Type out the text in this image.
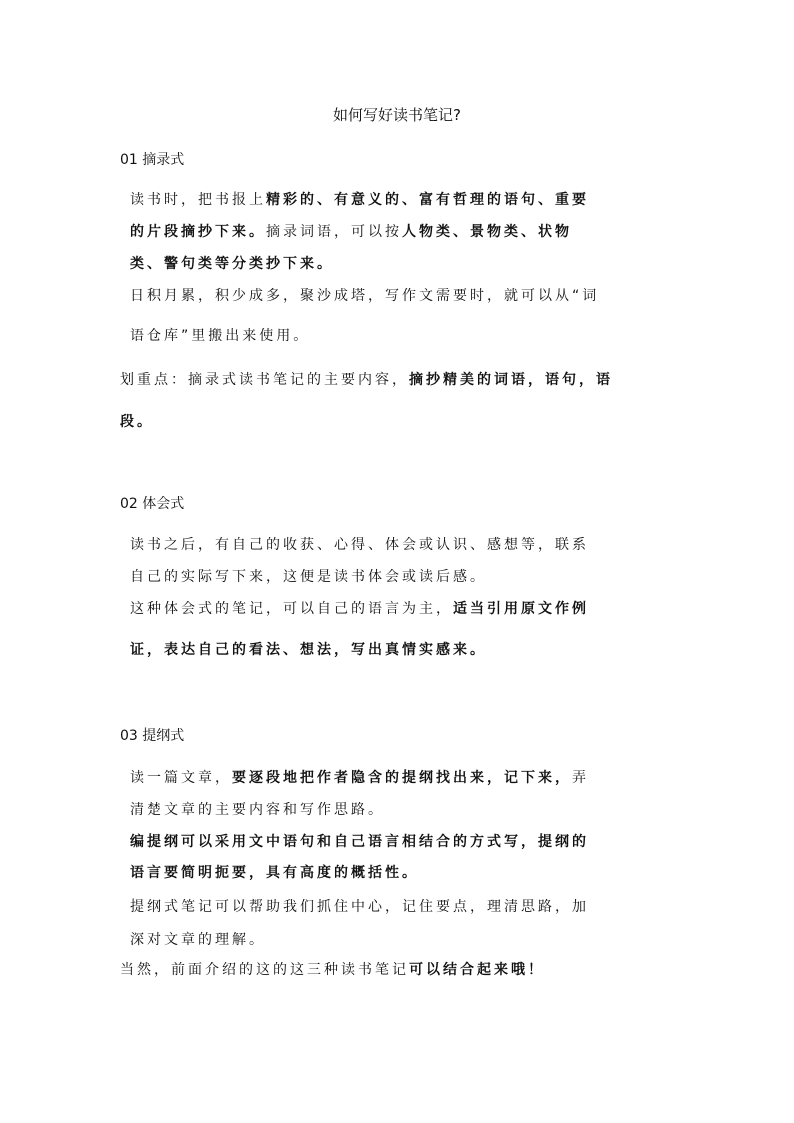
如何写好读书笔记?
01 摘录式
读书时，把书报上精彩的、有意义的、富有哲理的语句、重要
的片段摘抄下来。摘录词语，可以按人物类、景物类、状物
类、警句类等分类抄下来。
日积月累，积少成多，聚沙成塔，写作文需要时，就可以从“词
语仓库”里搬出来使用。
划重点：摘录式读书笔记的主要内容，摘抄精美的词语，语句，语
段。
02 体会式
读书之后，有自己的收获、心得、体会或认识、感想等，联系
自己的实际写下来，这便是读书体会或读后感。
这种体会式的笔记，可以自己的语言为主，适当引用原文作例
证，表达自己的看法、想法，写出真情实感来。
03 提纲式
读一篇文章，要逐段地把作者隐含的提纲找出来，记下来，弄
清楚文章的主要内容和写作思路。
编提纲可以采用文中语句和自己语言相结合的方式写，提纲的
语言要简明扼要，具有高度的概括性。
提纲式笔记可以帮助我们抓住中心，记住要点，理清思路，加
深对文章的理解。
当然，前面介绍的这的这三种读书笔记可以结合起来哦！
